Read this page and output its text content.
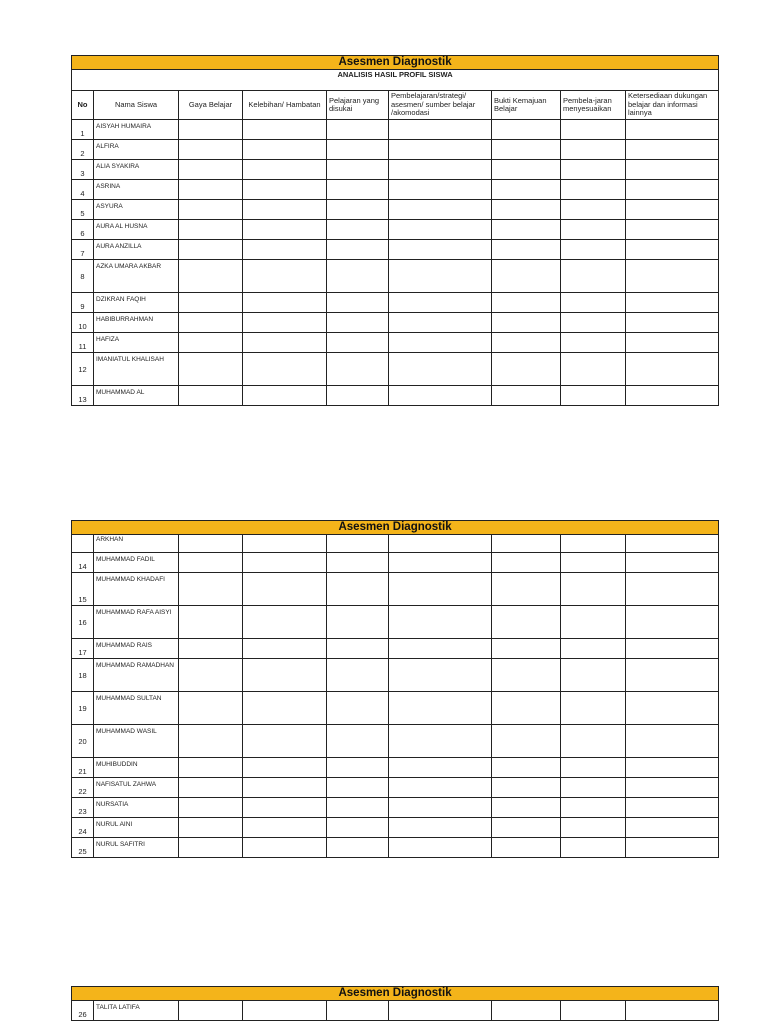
Asesmen Diagnostik								
ANALISIS HASIL PROFIL SISWA								
No	Nama Siswa	Gaya Belajar	Kelebihan/ Hambatan	Pelajaran yang disukai	Pembelajaran/strategi/ asesmen/ sumber belajar /akomodasi	Bukti Kemajuan Belajar	Pembela-jaran menyesuaikan	Ketersediaan dukungan belajar dan informasi lainnya
1	AISYAH HUMAIRA							
2	ALFIRA							
3	ALIA SYAKIRA							
4	ASRINA							
5	ASYURA							
6	AURA AL HUSNA							
7	AURA ANZILLA							
8	AZKA UMARA AKBAR							
9	DZIKRAN FAQIH							
10	HABIBURRAHMAN							
11	HAFIZA							
12	IMANIATUL KHALISAH							
13	MUHAMMAD AL							
Asesmen Diagnostik								
	ARKHAN							
14	MUHAMMAD FADIL							
15	MUHAMMAD KHADAFI							
16	MUHAMMAD RAFA AISYI							
17	MUHAMMAD RAIS							
18	MUHAMMAD RAMADHAN							
19	MUHAMMAD SULTAN							
20	MUHAMMAD WASIL							
21	MUHIBUDDIN							
22	NAFISATUL ZAHWA							
23	NURSATIA							
24	NURUL AINI							
25	NURUL SAFITRI							
Asesmen Diagnostik
26	TALITA LATIFA							
